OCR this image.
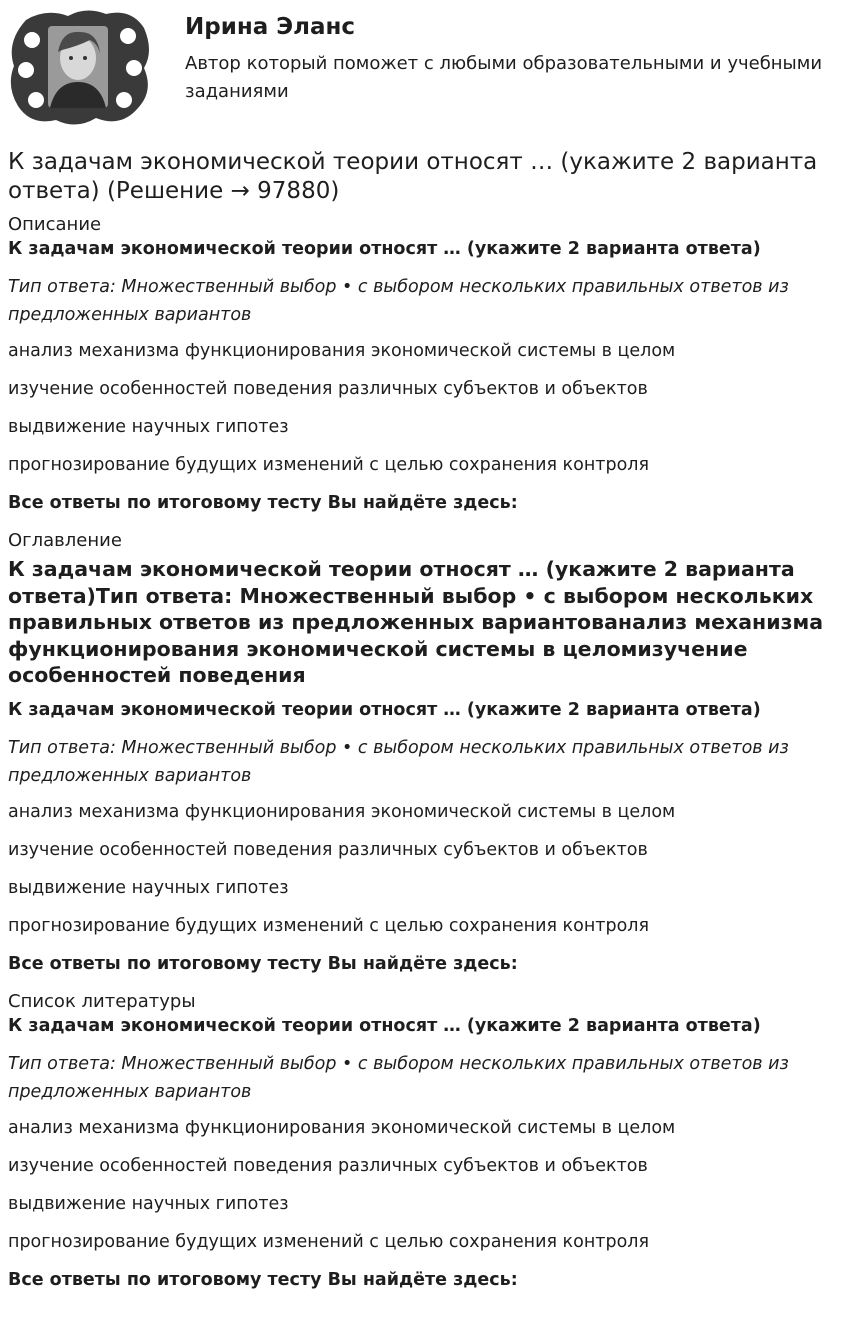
Ирина Эланс

Автор который поможет с любыми образовательными и учебными заданиями

К задачам экономической теории относят … (укажите 2 варианта ответа) (Решение → 97880)

Описание

К задачам экономической теории относят … (укажите 2 варианта ответа)

Тип ответа: Множественный выбор • с выбором нескольких правильных ответов из предложенных вариантов

анализ механизма функционирования экономической системы в целом

изучение особенностей поведения различных субъектов и объектов

выдвижение научных гипотез

прогнозирование будущих изменений с целью сохранения контроля

Все ответы по итоговому тесту Вы найдёте здесь:

Оглавление

К задачам экономической теории относят … (укажите 2 варианта ответа)Тип ответа: Множественный выбор • с выбором нескольких правильных ответов из предложенных вариантованализ механизма функционирования экономической системы в целомизучение особенностей поведения

К задачам экономической теории относят … (укажите 2 варианта ответа)

Тип ответа: Множественный выбор • с выбором нескольких правильных ответов из предложенных вариантов

анализ механизма функционирования экономической системы в целом

изучение особенностей поведения различных субъектов и объектов

выдвижение научных гипотез

прогнозирование будущих изменений с целью сохранения контроля

Все ответы по итоговому тесту Вы найдёте здесь:

Список литературы

К задачам экономической теории относят … (укажите 2 варианта ответа)

Тип ответа: Множественный выбор • с выбором нескольких правильных ответов из предложенных вариантов

анализ механизма функционирования экономической системы в целом

изучение особенностей поведения различных субъектов и объектов

выдвижение научных гипотез

прогнозирование будущих изменений с целью сохранения контроля

Все ответы по итоговому тесту Вы найдёте здесь:
